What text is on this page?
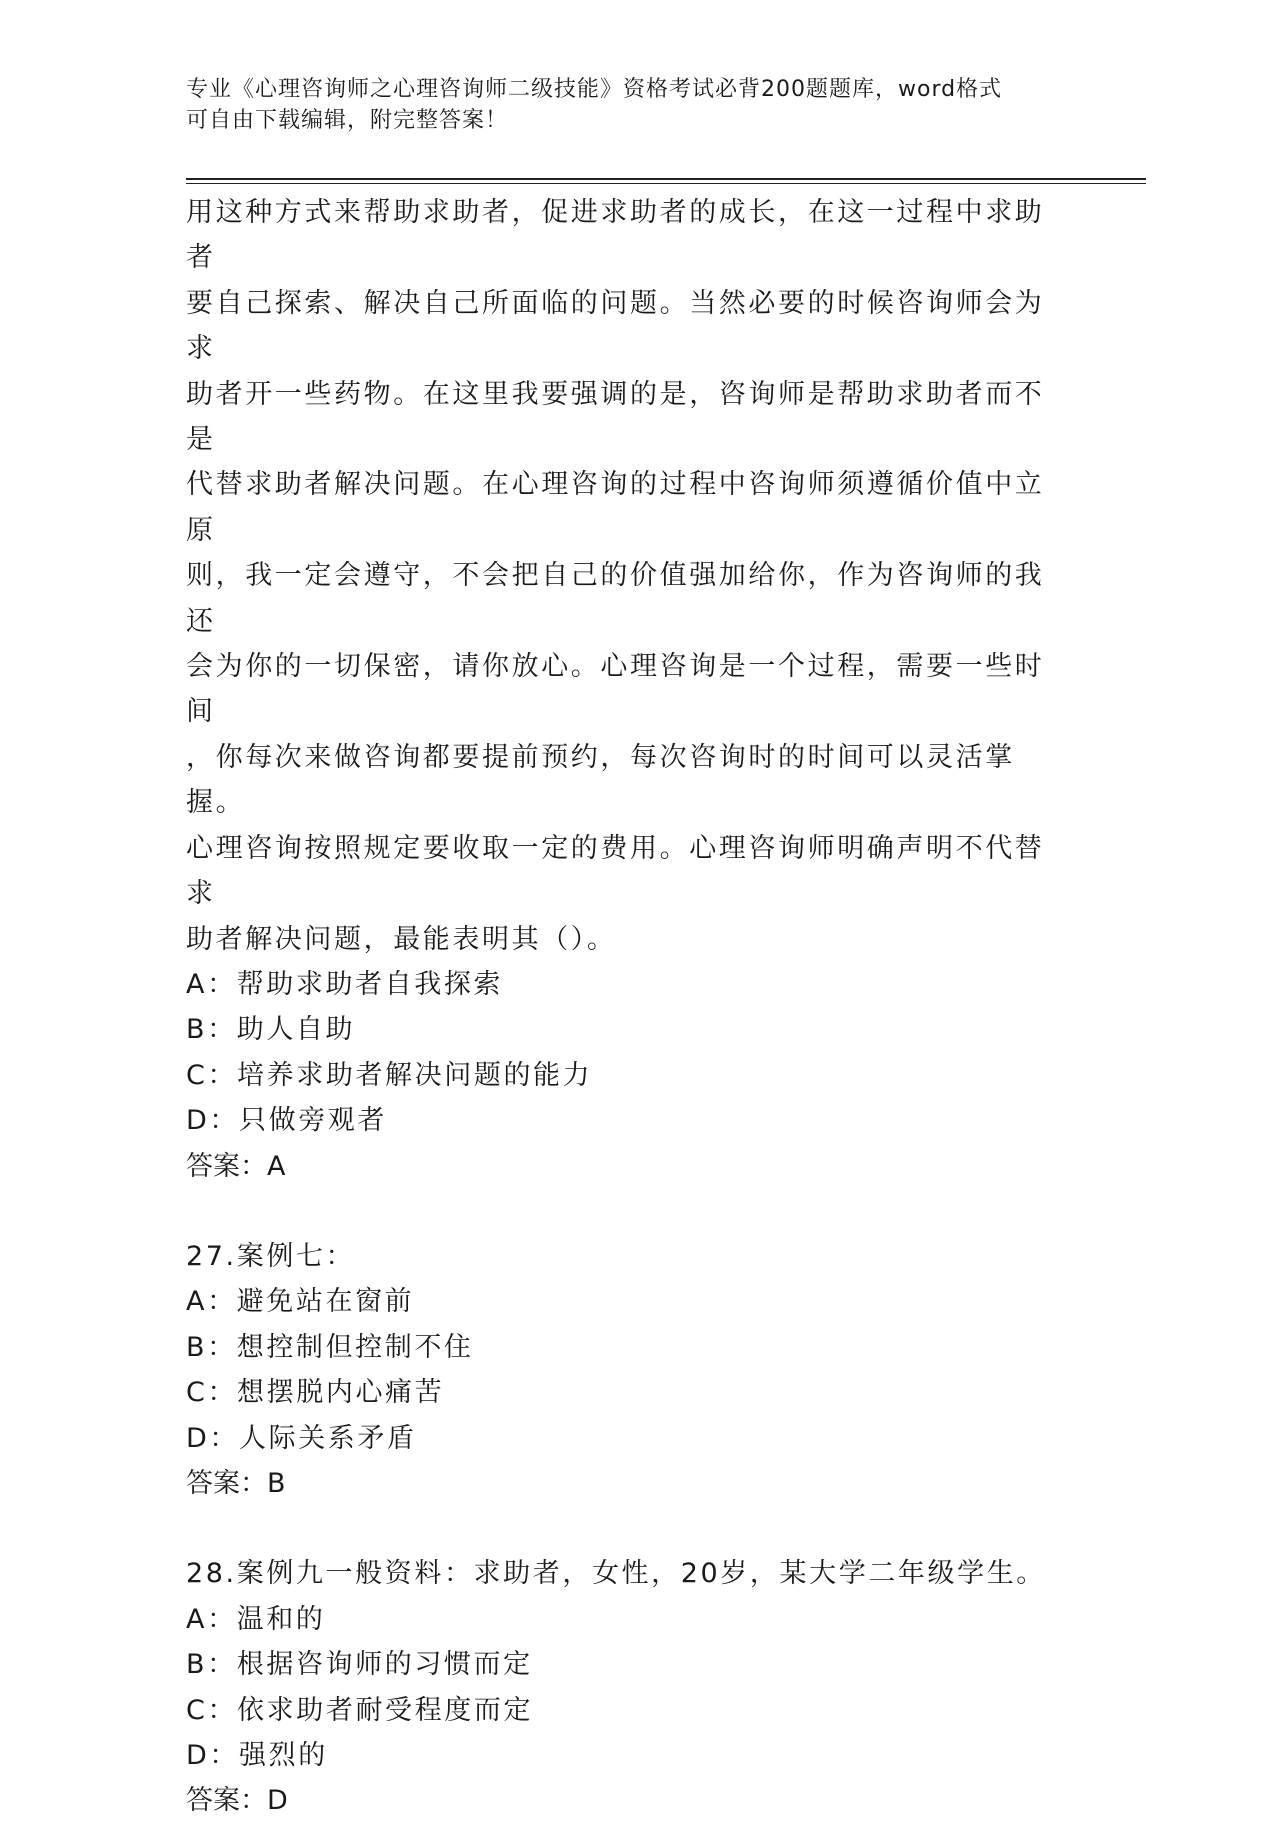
专业《心理咨询师之心理咨询师二级技能》资格考试必背200题题库，word格式
可自由下载编辑，附完整答案！

用这种方式来帮助求助者，促进求助者的成长，在这一过程中求助者

要自己探索、解决自己所面临的问题。当然必要的时候咨询师会为求

助者开一些药物。在这里我要强调的是，咨询师是帮助求助者而不是

代替求助者解决问题。在心理咨询的过程中咨询师须遵循价值中立原

则，我一定会遵守，不会把自己的价值强加给你，作为咨询师的我还

会为你的一切保密，请你放心。心理咨询是一个过程，需要一些时间

，你每次来做咨询都要提前预约，每次咨询时的时间可以灵活掌握。

心理咨询按照规定要收取一定的费用。心理咨询师明确声明不代替求

助者解决问题，最能表明其（）。

A：帮助求助者自我探索

B：助人自助

C：培养求助者解决问题的能力

D：只做旁观者

答案：A

27.案例七：

A：避免站在窗前

B：想控制但控制不住

C：想摆脱内心痛苦

D：人际关系矛盾

答案：B

28.案例九一般资料：求助者，女性，20岁，某大学二年级学生。

A：温和的

B：根据咨询师的习惯而定

C：依求助者耐受程度而定

D：强烈的

答案：D
